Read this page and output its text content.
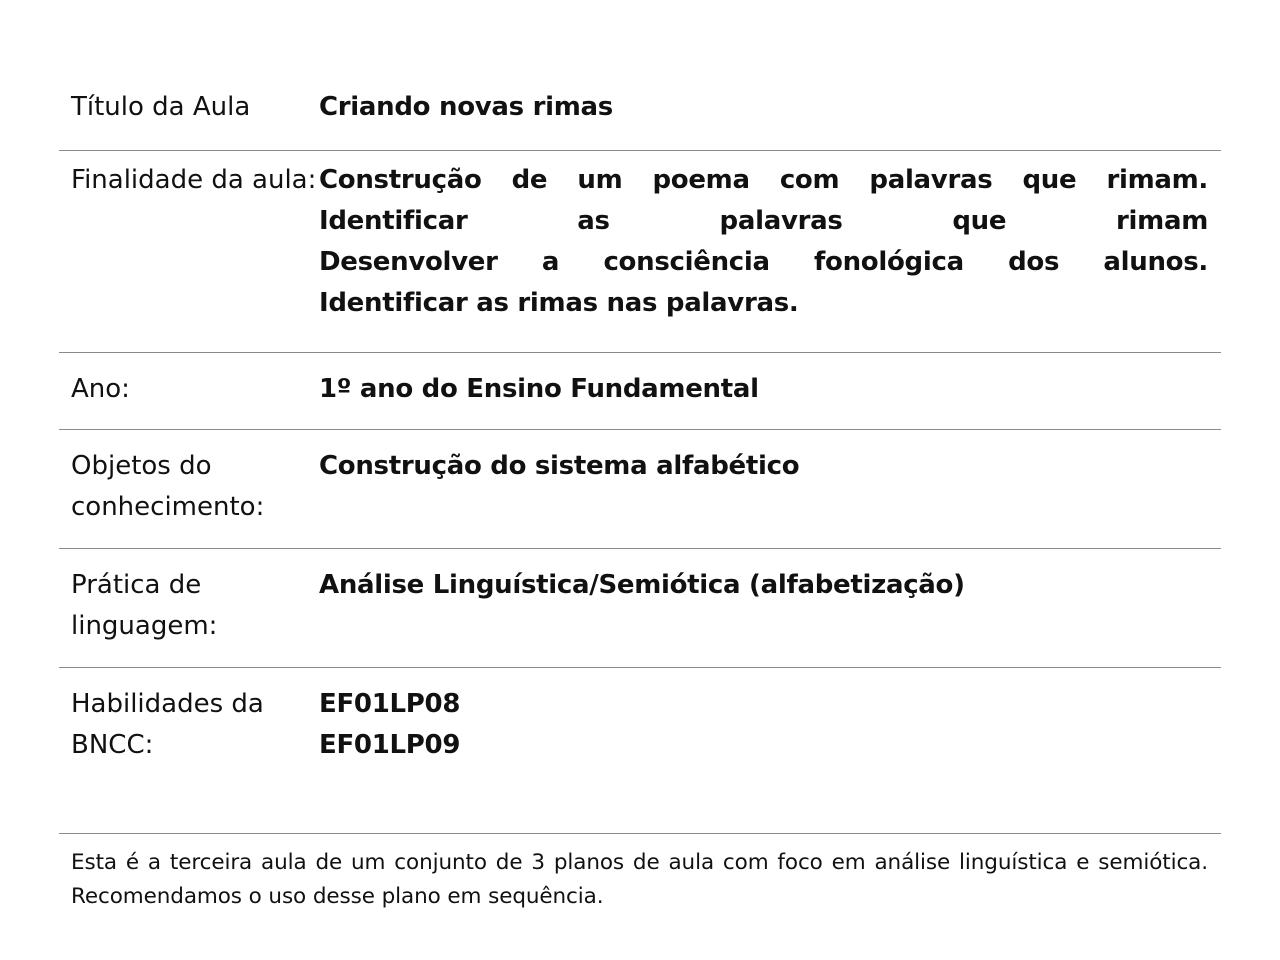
Título da Aula	Criando novas rimas
Finalidade da aula: Construção de um poema com palavras que rimam.
Identificar as palavras que rimam
Desenvolver a consciência fonológica dos alunos.
Identificar as rimas nas palavras.
Ano:	1º ano do Ensino Fundamental
Objetos do conhecimento:
Construção do sistema alfabético
Prática de linguagem:
Análise Linguística/Semiótica (alfabetização)
Habilidades da BNCC:
EF01LP08
EF01LP09
Esta é a terceira aula de um conjunto de 3 planos de aula com foco em análise linguística e semiótica. Recomendamos o uso desse plano em sequência.
